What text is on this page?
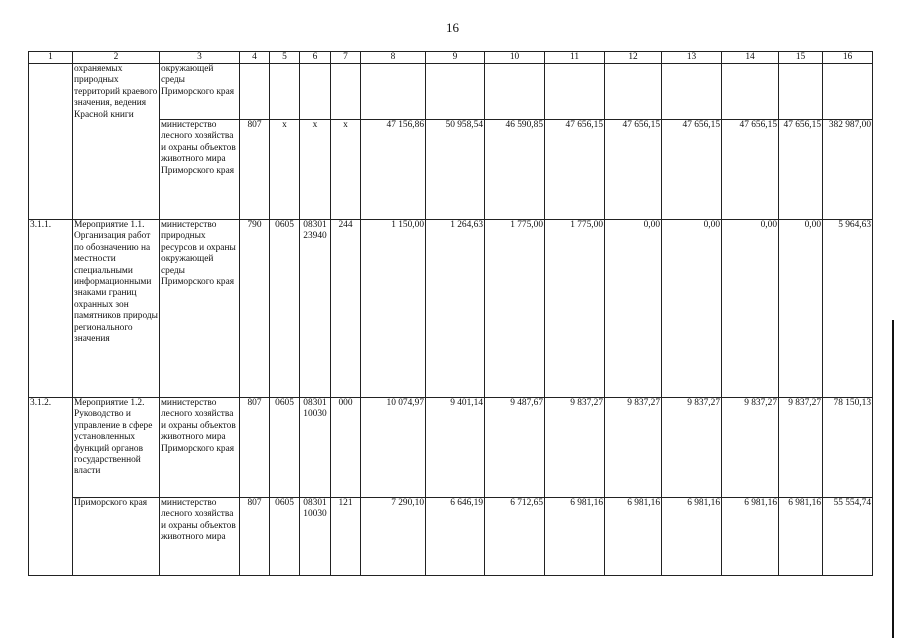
16
1	2	3	4	5	6	7	8	9	10	11	12	13	14	15	16
	охраняемых природных территорий краевого значения, ведения Красной книги	окружающей среды Приморского края													
		министерство лесного хозяйства и охраны объектов животного мира Приморского края	807	х	х	х	47 156,86	50 958,54	46 590,85	47 656,15	47 656,15	47 656,15	47 656,15	47 656,15	382 987,00
3.1.1.	Мероприятие 1.1. Организация работ по обозначению на местности специальными информационными знаками границ охранных зон памятников природы регионального значения	министерство природных ресурсов и охраны окружающей среды Приморского края	790	0605	08301 23940	244	1 150,00	1 264,63	1 775,00	1 775,00	0,00	0,00	0,00	0,00	5 964,63
3.1.2.	Мероприятие 1.2. Руководство и управление в сфере установленных функций органов государственной власти	министерство лесного хозяйства и охраны объектов животного мира Приморского края	807	0605	08301 10030	000	10 074,97	9 401,14	9 487,67	9 837,27	9 837,27	9 837,27	9 837,27	9 837,27	78 150,13
	Приморского края	министерство лесного хозяйства и охраны объектов животного мира	807	0605	08301 10030	121	7 290,10	6 646,19	6 712,65	6 981,16	6 981,16	6 981,16	6 981,16	6 981,16	55 554,74
